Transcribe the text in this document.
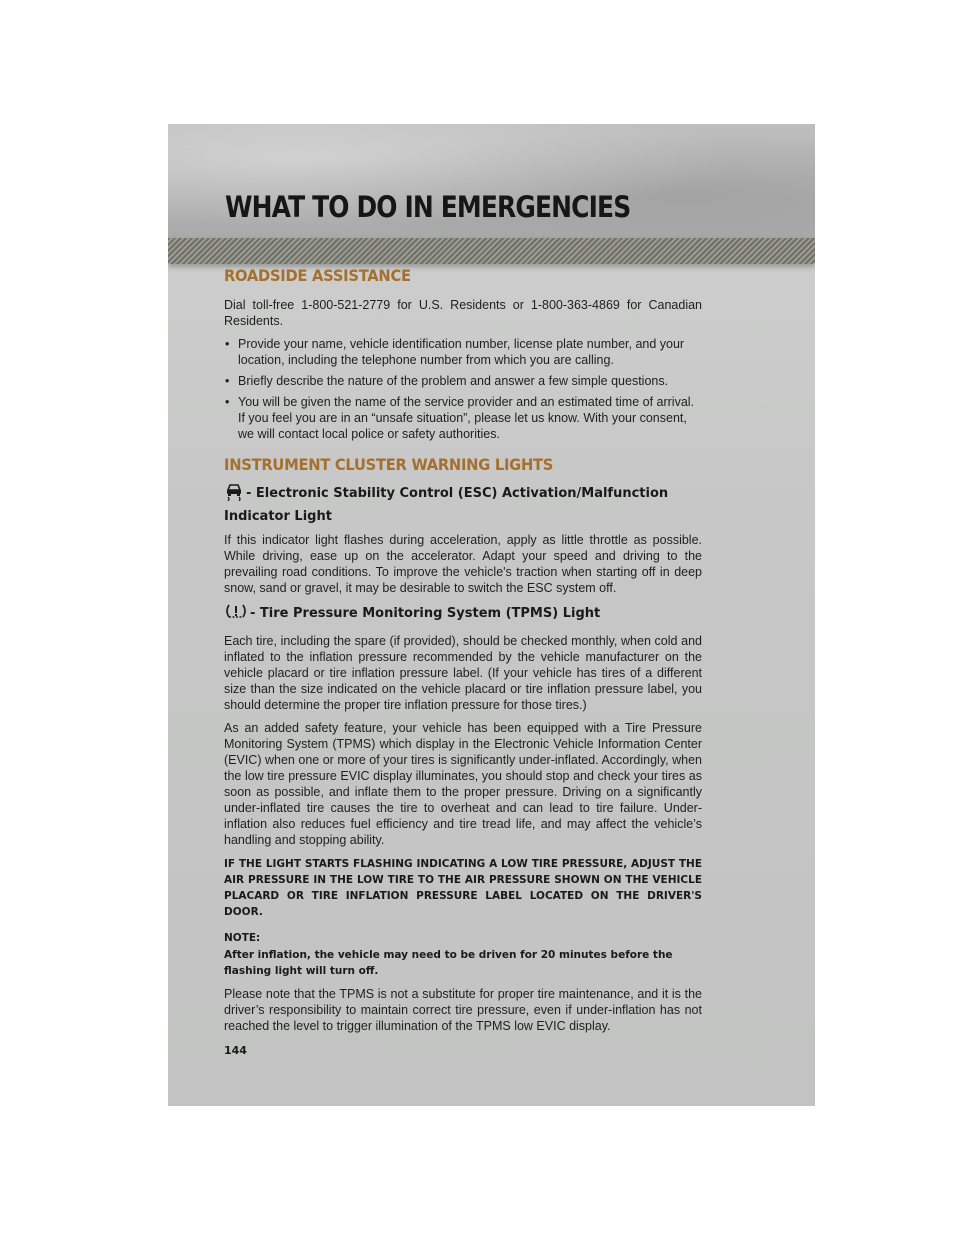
WHAT TO DO IN EMERGENCIES
ROADSIDE ASSISTANCE

Dial toll-free 1-800-521-2779 for U.S. Residents or 1-800-363-4869 for Canadian Residents.

• Provide your name, vehicle identification number, license plate number, and your location, including the telephone number from which you are calling.
• Briefly describe the nature of the problem and answer a few simple questions.
• You will be given the name of the service provider and an estimated time of arrival. If you feel you are in an “unsafe situation”, please let us know. With your consent, we will contact local police or safety authorities.
INSTRUMENT CLUSTER WARNING LIGHTS
- Electronic Stability Control (ESC) Activation/Malfunction Indicator Light

If this indicator light flashes during acceleration, apply as little throttle as possible. While driving, ease up on the accelerator. Adapt your speed and driving to the prevailing road conditions. To improve the vehicle's traction when starting off in deep snow, sand or gravel, it may be desirable to switch the ESC system off.

- Tire Pressure Monitoring System (TPMS) Light

Each tire, including the spare (if provided), should be checked monthly, when cold and inflated to the inflation pressure recommended by the vehicle manufacturer on the vehicle placard or tire inflation pressure label. (If your vehicle has tires of a different size than the size indicated on the vehicle placard or tire inflation pressure label, you should determine the proper tire inflation pressure for those tires.)

As an added safety feature, your vehicle has been equipped with a Tire Pressure Monitoring System (TPMS) which display in the Electronic Vehicle Information Center (EVIC) when one or more of your tires is significantly under-inflated. Accordingly, when the low tire pressure EVIC display illuminates, you should stop and check your tires as soon as possible, and inflate them to the proper pressure. Driving on a significantly under-inflated tire causes the tire to overheat and can lead to tire failure. Under-inflation also reduces fuel efficiency and tire tread life, and may affect the vehicle’s handling and stopping ability.

IF THE LIGHT STARTS FLASHING INDICATING A LOW TIRE PRESSURE, ADJUST THE AIR PRESSURE IN THE LOW TIRE TO THE AIR PRESSURE SHOWN ON THE VEHICLE PLACARD OR TIRE INFLATION PRESSURE LABEL LOCATED ON THE DRIVER'S DOOR.

NOTE:

After inflation, the vehicle may need to be driven for 20 minutes before the flashing light will turn off.

Please note that the TPMS is not a substitute for proper tire maintenance, and it is the driver’s responsibility to maintain correct tire pressure, even if under-inflation has not reached the level to trigger illumination of the TPMS low EVIC display.

144
